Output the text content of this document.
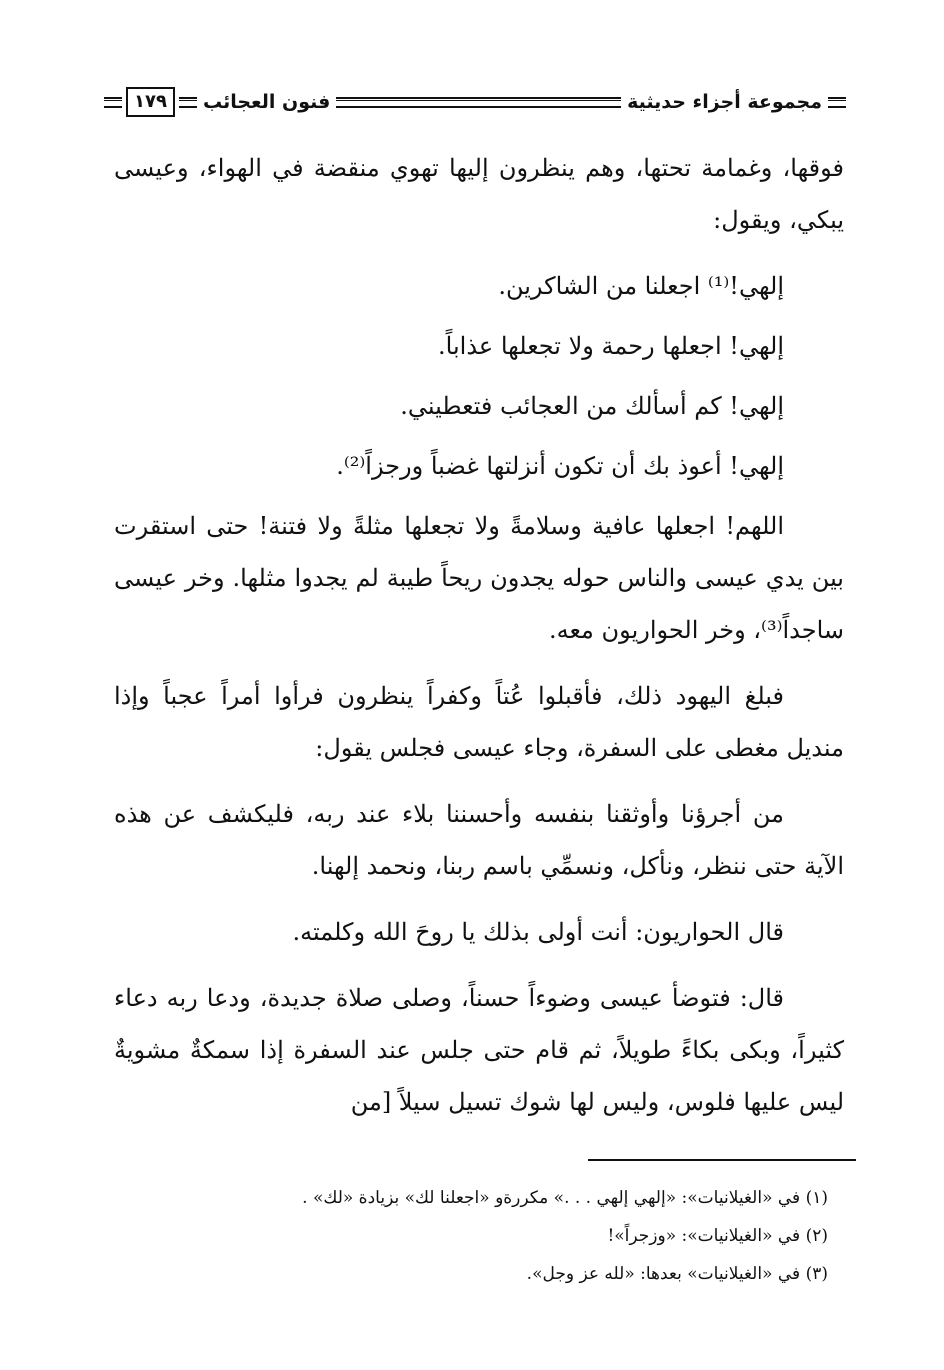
مجموعة أجزاء حديثية
فنون العجائب
١٧٩

فوقها، وغمامة تحتها، وهم ينظرون إليها تهوي منقضة في الهواء، وعيسى يبكي، ويقول:

إلهي!⁽¹⁾ اجعلنا من الشاكرين.

إلهي! اجعلها رحمة ولا تجعلها عذاباً.

إلهي! كم أسألك من العجائب فتعطيني.

إلهي! أعوذ بك أن تكون أنزلتها غضباً ورجزاً⁽²⁾.

اللهم! اجعلها عافية وسلامةً ولا تجعلها مثلةً ولا فتنة! حتى استقرت بين يدي عيسى والناس حوله يجدون ريحاً طيبة لم يجدوا مثلها. وخر عيسى ساجداً⁽³⁾، وخر الحواريون معه.

فبلغ اليهود ذلك، فأقبلوا عُتاً وكفراً ينظرون فرأوا أمراً عجباً وإذا منديل مغطى على السفرة، وجاء عيسى فجلس يقول:

من أجرؤنا وأوثقنا بنفسه وأحسننا بلاء عند ربه، فليكشف عن هذه الآية حتى ننظر، ونأكل، ونسمِّي باسم ربنا، ونحمد إلهنا.

قال الحواريون: أنت أولى بذلك يا روحَ الله وكلمته.

قال: فتوضأ عيسى وضوءاً حسناً، وصلى صلاة جديدة، ودعا ربه دعاء كثيراً، وبكى بكاءً طويلاً، ثم قام حتى جلس عند السفرة إذا سمكةٌ مشويةٌ ليس عليها فلوس، وليس لها شوك تسيل سيلاً [من

(١) في «الغيلانيات»: «إلهي إلهي . . .» مكررةو «اجعلنا لك» بزيادة «لك» .

(٢) في «الغيلانيات»: «وزجراً»!

(٣) في «الغيلانيات» بعدها: «لله عز وجل».
